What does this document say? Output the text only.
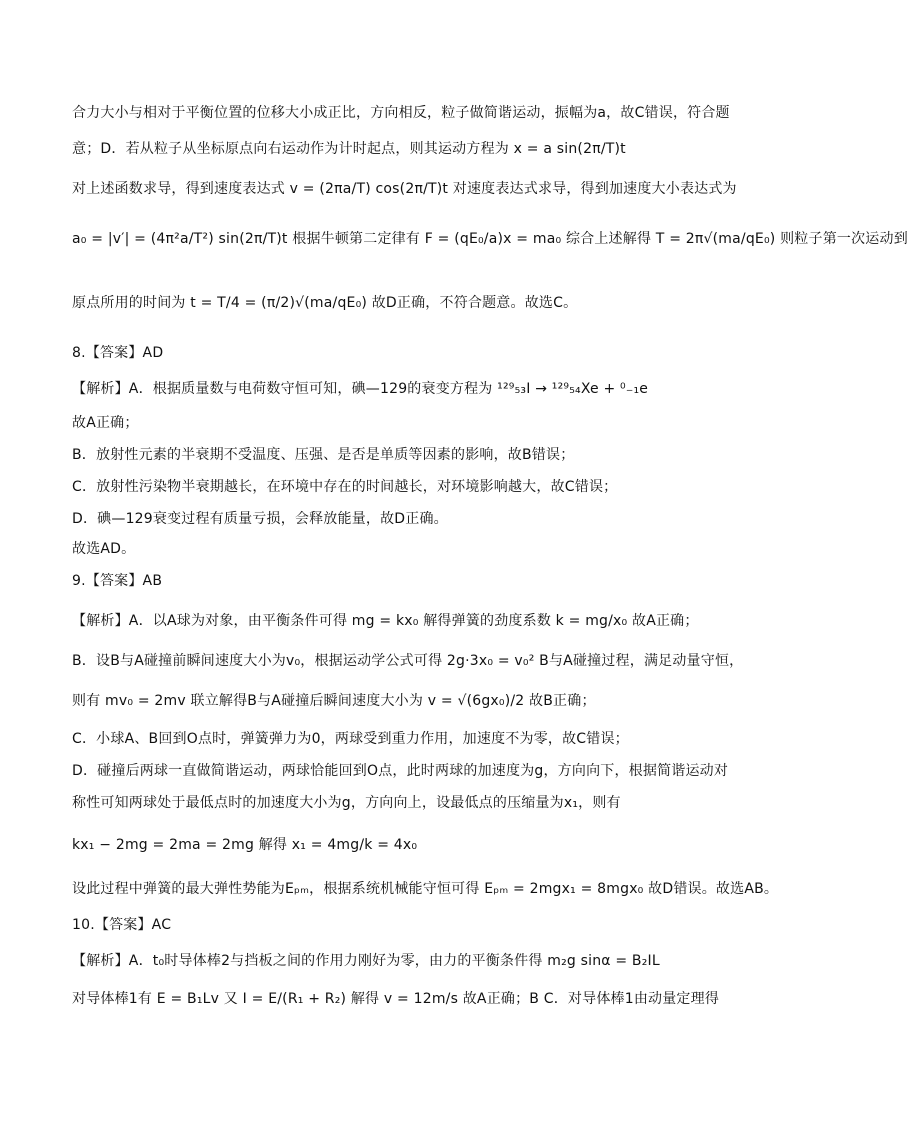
合力大小与相对于平衡位置的位移大小成正比，方向相反，粒子做简谐运动，振幅为a，故C错误，符合题
意；D．若从粒子从坐标原点向右运动作为计时起点，则其运动方程为 x = a sin(2π/T)t
对上述函数求导，得到速度表达式 v = (2πa/T) cos(2π/T)t 对速度表达式求导，得到加速度大小表达式为
a₀ = |v′| = (4π²a/T²) sin(2π/T)t 根据牛顿第二定律有 F = (qE₀/a)x = ma₀ 综合上述解得 T = 2π√(ma/qE₀) 则粒子第一次运动到
原点所用的时间为 t = T/4 = (π/2)√(ma/qE₀) 故D正确，不符合题意。故选C。
8.【答案】AD
【解析】A．根据质量数与电荷数守恒可知，碘—129的衰变方程为 ¹²⁹₅₃I → ¹²⁹₅₄Xe + ⁰₋₁e
故A正确；
B．放射性元素的半衰期不受温度、压强、是否是单质等因素的影响，故B错误；
C．放射性污染物半衰期越长，在环境中存在的时间越长，对环境影响越大，故C错误；
D．碘—129衰变过程有质量亏损，会释放能量，故D正确。
故选AD。
9.【答案】AB
【解析】A．以A球为对象，由平衡条件可得 mg = kx₀ 解得弹簧的劲度系数 k = mg/x₀ 故A正确；
B．设B与A碰撞前瞬间速度大小为v₀，根据运动学公式可得 2g·3x₀ = v₀² B与A碰撞过程，满足动量守恒，
则有 mv₀ = 2mv 联立解得B与A碰撞后瞬间速度大小为 v = √(6gx₀)/2 故B正确；
C．小球A、B回到O点时，弹簧弹力为0，两球受到重力作用，加速度不为零，故C错误；
D．碰撞后两球一直做简谐运动，两球恰能回到O点，此时两球的加速度为g，方向向下，根据简谐运动对
称性可知两球处于最低点时的加速度大小为g，方向向上，设最低点的压缩量为x₁，则有
kx₁ − 2mg = 2ma = 2mg 解得 x₁ = 4mg/k = 4x₀
设此过程中弹簧的最大弹性势能为Eₚₘ，根据系统机械能守恒可得 Eₚₘ = 2mgx₁ = 8mgx₀ 故D错误。故选AB。
10.【答案】AC
【解析】A．t₀时导体棒2与挡板之间的作用力刚好为零，由力的平衡条件得 m₂g sinα = B₂IL
对导体棒1有 E = B₁Lv 又 I = E/(R₁ + R₂) 解得 v = 12m/s 故A正确；B C．对导体棒1由动量定理得
